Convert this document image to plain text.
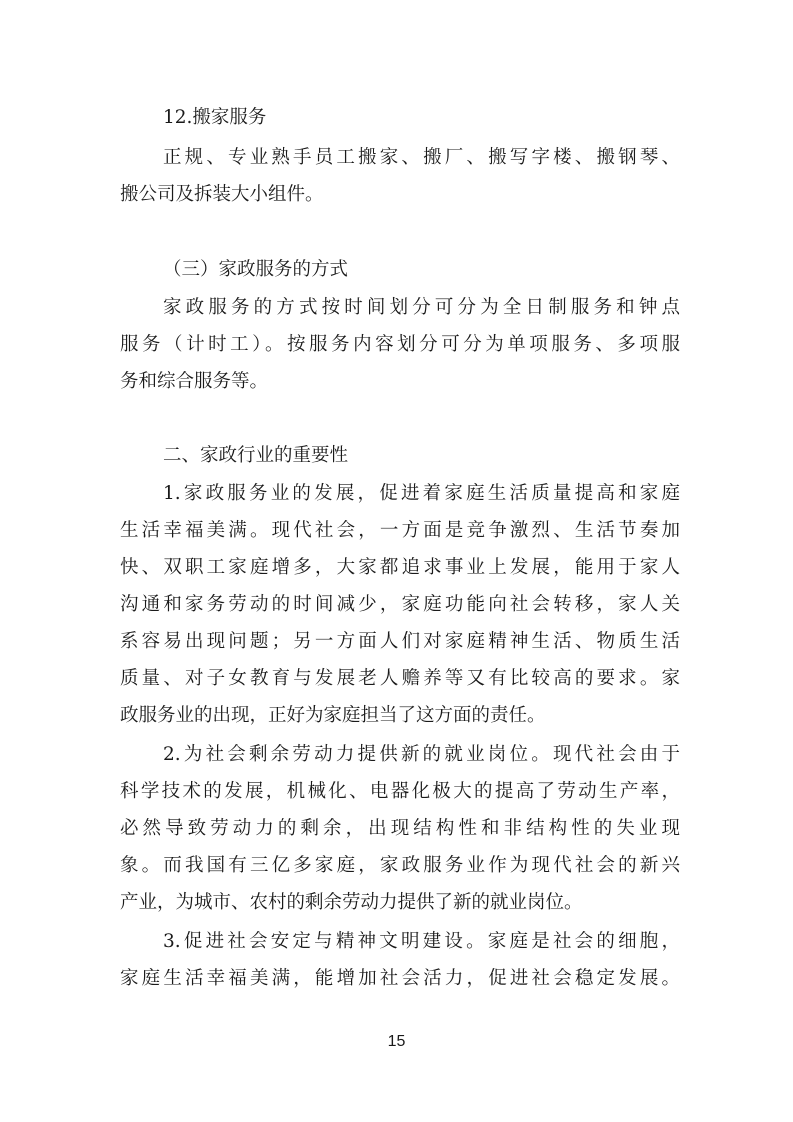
12.搬家服务
正规、专业熟手员工搬家、搬厂、搬写字楼、搬钢琴、
搬公司及拆装大小组件。
（三）家政服务的方式
家政服务的方式按时间划分可分为全日制服务和钟点
服务（计时工）。按服务内容划分可分为单项服务、多项服
务和综合服务等。
二、家政行业的重要性
1.家政服务业的发展，促进着家庭生活质量提高和家庭
生活幸福美满。现代社会，一方面是竞争激烈、生活节奏加
快、双职工家庭增多，大家都追求事业上发展，能用于家人
沟通和家务劳动的时间减少，家庭功能向社会转移，家人关
系容易出现问题；另一方面人们对家庭精神生活、物质生活
质量、对子女教育与发展老人赡养等又有比较高的要求。家
政服务业的出现，正好为家庭担当了这方面的责任。
2.为社会剩余劳动力提供新的就业岗位。现代社会由于
科学技术的发展，机械化、电器化极大的提高了劳动生产率，
必然导致劳动力的剩余，出现结构性和非结构性的失业现
象。而我国有三亿多家庭，家政服务业作为现代社会的新兴
产业，为城市、农村的剩余劳动力提供了新的就业岗位。
3.促进社会安定与精神文明建设。家庭是社会的细胞，
家庭生活幸福美满，能增加社会活力，促进社会稳定发展。
15
